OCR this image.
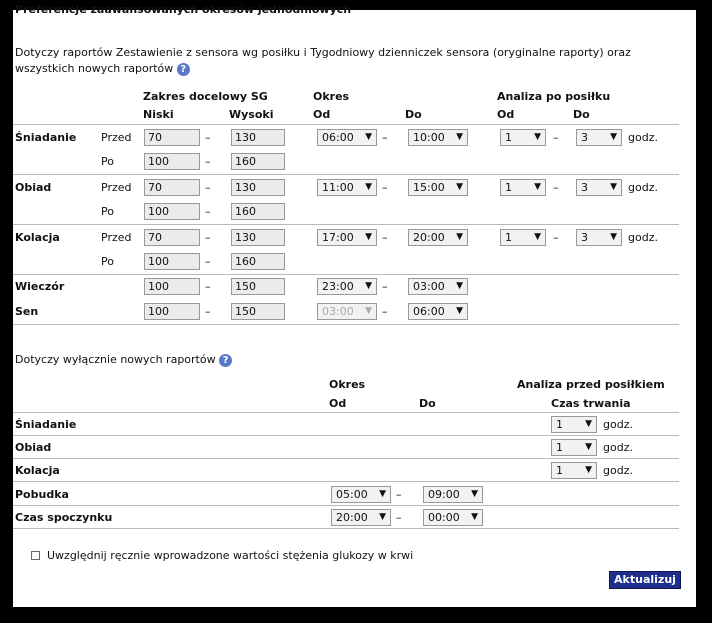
Preferencje zaawansowanych okresów jednodniowych
Dotyczy raportów Zestawienie z sensora wg posiłku i Tygodniowy dzienniczek sensora (oryginalne raporty) oraz
wszystkich nowych raportów ?
Zakres docelowy SG
Niski	Wysoki
Okres
Od	Do
Analiza po posiłku
Od	Do
Śniadanie Przed	70	–	130	06:00 ▼ –	10:00 ▼	1 ▼ –	3 ▼ godz.
Po	100	–	160
Obiad	Przed	70	–	130	11:00 ▼ –	15:00 ▼	1 ▼ –	3 ▼ godz.
Po	100	–	160
Kolacja	Przed	70	–	130	17:00 ▼ –	20:00 ▼	1 ▼ –	3 ▼ godz.
Po	100	–	160
Wieczór	100	–	150	23:00 ▼ –	03:00 ▼
Sen	100	–	150	03:00 ▼ –	06:00 ▼
Dotyczy wyłącznie nowych raportów ?
Okres
Od	Do
Analiza przed posiłkiem
Czas trwania
Śniadanie	1 ▼ godz.
Obiad	1 ▼ godz.
Kolacja	1 ▼ godz.
Pobudka	05:00 ▼ –	09:00 ▼
Czas spoczynku	20:00 ▼ –	00:00 ▼
Uwzględnij ręcznie wprowadzone wartości stężenia glukozy w krwi
Aktualizuj
